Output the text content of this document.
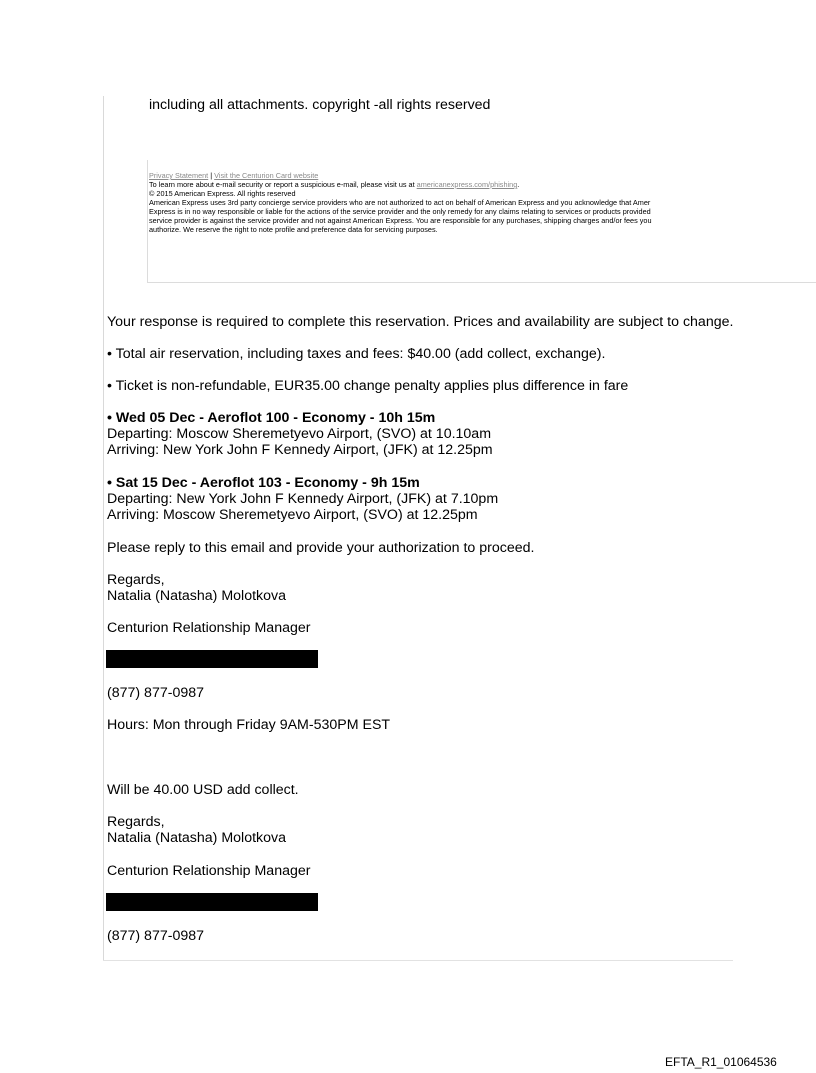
including all attachments. copyright -all rights reserved
Privacy Statement | Visit the Centurion Card website
To learn more about e-mail security or report a suspicious e-mail, please visit us at americanexpress.com/phishing.
© 2015 American Express. All rights reserved
American Express uses 3rd party concierge service providers who are not authorized to act on behalf of American Express and you acknowledge that Amer
Express is in no way responsible or liable for the actions of the service provider and the only remedy for any claims relating to services or products provided
service provider is against the service provider and not against American Express. You are responsible for any purchases, shipping charges and/or fees you
authorize. We reserve the right to note profile and preference data for servicing purposes.
Your response is required to complete this reservation. Prices and availability are subject to change.
• Total air reservation, including taxes and fees: $40.00 (add collect, exchange).
• Ticket is non-refundable, EUR35.00 change penalty applies plus difference in fare
• Wed 05 Dec - Aeroflot 100 - Economy - 10h 15m
Departing: Moscow Sheremetyevo Airport, (SVO) at 10.10am
Arriving: New York John F Kennedy Airport, (JFK) at 12.25pm
• Sat 15 Dec - Aeroflot 103 - Economy - 9h 15m
Departing: New York John F Kennedy Airport, (JFK) at 7.10pm
Arriving: Moscow Sheremetyevo Airport, (SVO) at 12.25pm
Please reply to this email and provide your authorization to proceed.
Regards,
Natalia (Natasha) Molotkova
Centurion Relationship Manager
(877) 877-0987
Hours: Mon through Friday 9AM-530PM EST
Will be 40.00 USD add collect.
Regards,
Natalia (Natasha) Molotkova
Centurion Relationship Manager
(877) 877-0987
EFTA_R1_01064536
